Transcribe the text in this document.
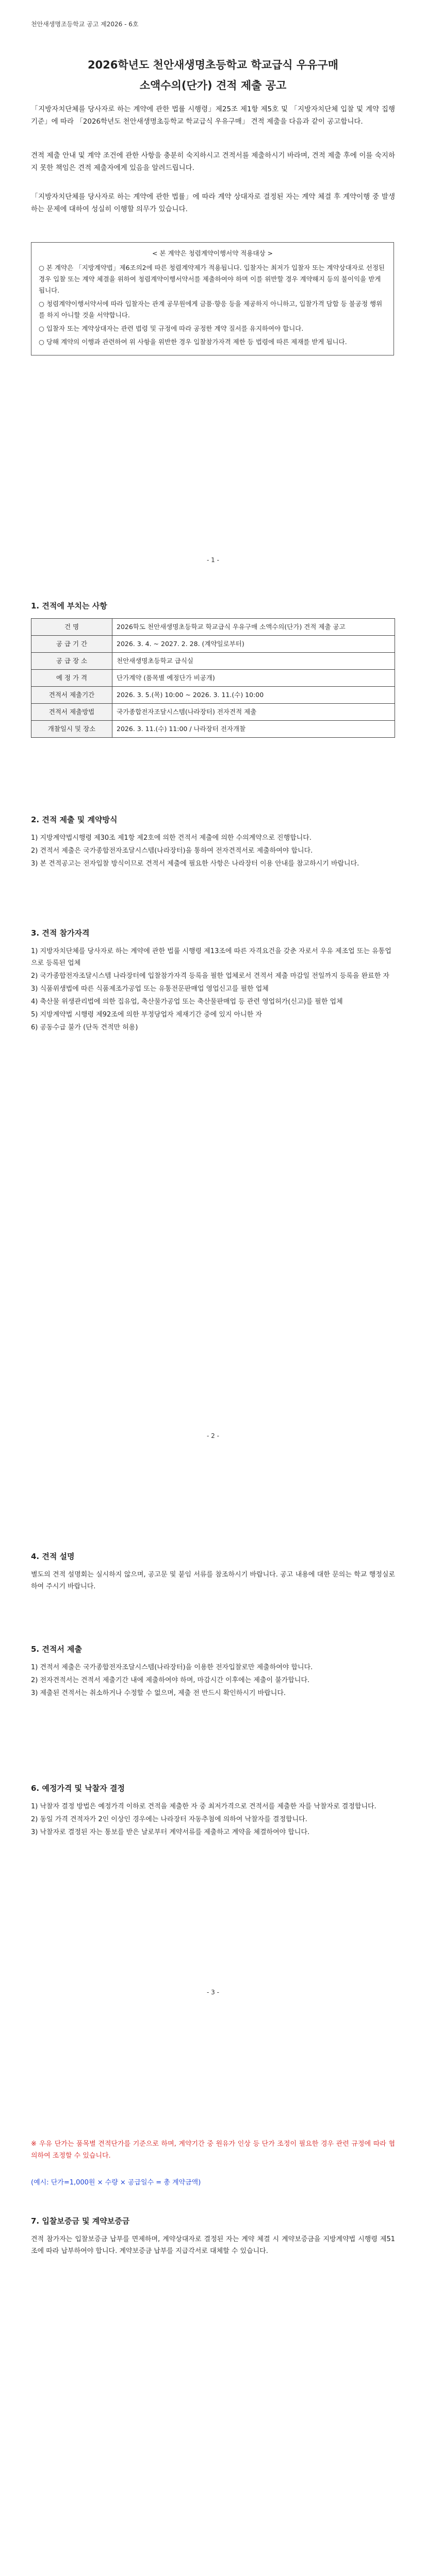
천안새생명조등학교 공고 제2026 - 6호
2026학년도 천안새생명초등학교 학교급식 우유구매
소액수의(단가) 견적 제출 공고
「지방자치단체를 당사자로 하는 계약에 관한 법률 시행령」제25조 제1항 제5호 및 「지방자치단체 입찰 및 계약 집행기준」에 따라 「2026학년도 천안새생명초등학교 학교급식 우유구매」 견적 제출을 다음과 같이 공고합니다.
견적 제출 안내 및 계약 조건에 관한 사항을 충분히 숙지하시고 견적서를 제출하시기 바라며, 견적 제출 후에 이를 숙지하지 못한 책임은 견적 제출자에게 있음을 알려드립니다.
「지방자치단체를 당사자로 하는 계약에 관한 법률」에 따라 계약 상대자로 결정된 자는 계약 체결 후 계약이행 중 발생하는 문제에 대하여 성실히 이행할 의무가 있습니다.
< 본 계약은 청렴계약이행서약 적용대상 >

○ 본 계약은 「지방계약법」제6조의2에 따른 청렴계약제가 적용됩니다. 입찰자는 최저가 입찰자 또는 계약상대자로 선정된 경우 입찰 또는 계약 체결을 위하여 청렴계약이행서약서를 제출하여야 하며 이를 위반할 경우 계약해지 등의 불이익을 받게 됩니다.

○ 청렴계약이행서약서에 따라 입찰자는 관계 공무원에게 금품·향응 등을 제공하지 아니하고, 입찰가격 담합 등 불공정 행위를 하지 아니할 것을 서약합니다.

○ 입찰자 또는 계약상대자는 관련 법령 및 규정에 따라 공정한 계약 질서를 유지하여야 합니다.

○ 당해 계약의 이행과 관련하여 위 사항을 위반한 경우 입찰참가자격 제한 등 법령에 따른 제재를 받게 됩니다.

- 1 -
1. 견적에 부치는 사항
건 명	2026학도 천안새생명초등학교 학교급식 우유구매 소액수의(단가) 견적 제출 공고
공 급 기 간	2026. 3. 4. ~ 2027. 2. 28. (계약일로부터)
공 급 장 소	천안새생명초등학교 급식실
예 정 가 격	단가계약 (품목별 예정단가 비공개)
견적서 제출기간	2026. 3. 5.(목) 10:00 ~ 2026. 3. 11.(수) 10:00
견적서 제출방법	국가종합전자조달시스템(나라장터) 전자견적 제출
개찰일시 및 장소	2026. 3. 11.(수) 11:00 / 나라장터 전자개찰
2. 견적 제출 및 계약방식
1) 지방계약법시행령 제30조 제1항 제2호에 의한 견적서 제출에 의한 수의계약으로 진행합니다.
2) 견적서 제출은 국가종합전자조달시스템(나라장터)을 통하여 전자견적서로 제출하여야 합니다.
3) 본 견적공고는 전자입찰 방식이므로 견적서 제출에 필요한 사항은 나라장터 이용 안내를 참고하시기 바랍니다.
3. 견적 참가자격
1) 지방자치단체를 당사자로 하는 계약에 관한 법률 시행령 제13조에 따른 자격요건을 갖춘 자로서 우유 제조업 또는 유통업으로 등록된 업체
2) 국가종합전자조달시스템 나라장터에 입찰참가자격 등록을 필한 업체로서 견적서 제출 마감일 전일까지 등록을 완료한 자
3) 식품위생법에 따른 식품제조가공업 또는 유통전문판매업 영업신고를 필한 업체
4) 축산물 위생관리법에 의한 집유업, 축산물가공업 또는 축산물판매업 등 관련 영업허가(신고)를 필한 업체
5) 지방계약법 시행령 제92조에 의한 부정당업자 제재기간 중에 있지 아니한 자
6) 공동수급 불가 (단독 견적만 허용)
- 2 -
4. 견적 설명
별도의 견적 설명회는 실시하지 않으며, 공고문 및 붙임 서류를 참조하시기 바랍니다. 공고 내용에 대한 문의는 학교 행정실로 하여 주시기 바랍니다.
5. 견적서 제출
1) 견적서 제출은 국가종합전자조달시스템(나라장터)을 이용한 전자입찰로만 제출하여야 합니다.
2) 전자견적서는 견적서 제출기간 내에 제출하여야 하며, 마감시간 이후에는 제출이 불가합니다.
3) 제출된 견적서는 취소하거나 수정할 수 없으며, 제출 전 반드시 확인하시기 바랍니다.
6. 예정가격 및 낙찰자 결정
1) 낙찰자 결정 방법은 예정가격 이하로 견적을 제출한 자 중 최저가격으로 견적서를 제출한 자를 낙찰자로 결정합니다.
2) 동일 가격 견적자가 2인 이상인 경우에는 나라장터 자동추첨에 의하여 낙찰자를 결정합니다.
3) 낙찰자로 결정된 자는 통보를 받은 날로부터 계약서류를 제출하고 계약을 체결하여야 합니다.
- 3 -
※ 우유 단가는 품목별 견적단가를 기준으로 하며, 계약기간 중 원유가 인상 등 단가 조정이 필요한 경우 관련 규정에 따라 협의하여 조정할 수 있습니다.
(예시: 단가=1,000원 × 수량 × 공급일수 = 총 계약금액)
7. 입찰보증금 및 계약보증금
견적 참가자는 입찰보증금 납부를 면제하며, 계약상대자로 결정된 자는 계약 체결 시 계약보증금을 지방계약법 시행령 제51조에 따라 납부하여야 합니다. 계약보증금 납부를 지급각서로 대체할 수 있습니다.
